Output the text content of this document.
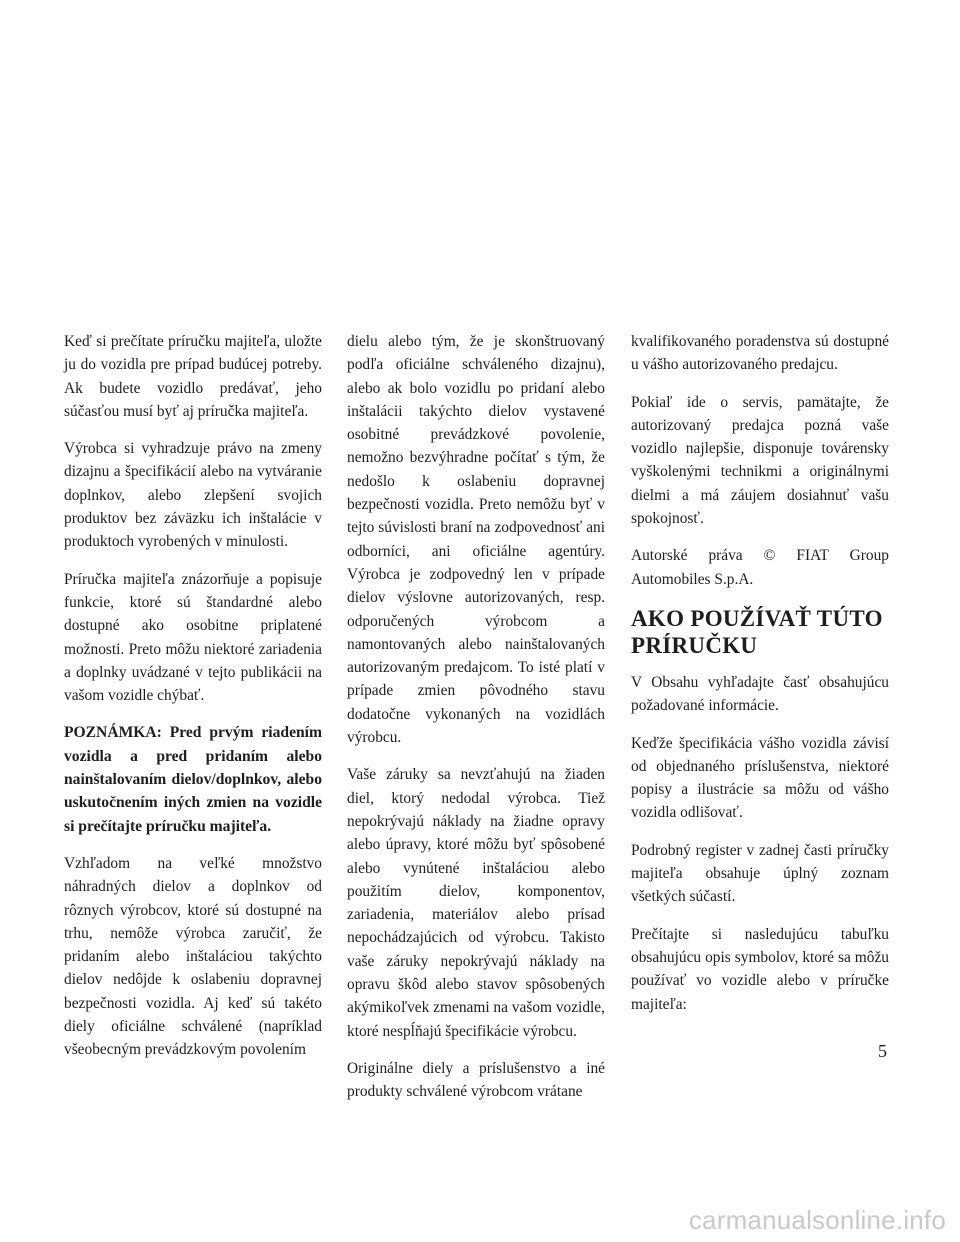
Keď si prečítate príručku majiteľa, uložte ju do vozidla pre prípad budúcej potreby. Ak budete vozidlo predávať, jeho súčasťou musí byť aj príručka majiteľa.

Výrobca si vyhradzuje právo na zmeny dizajnu a špecifikácií alebo na vytváranie doplnkov, alebo zlepšení svojich produktov bez záväzku ich inštalácie v produktoch vyrobených v minulosti.

Príručka majiteľa znázorňuje a popisuje funkcie, ktoré sú štandardné alebo dostupné ako osobitne priplatené možnosti. Preto môžu niektoré zariadenia a doplnky uvádzané v tejto publikácii na vašom vozidle chýbať.

POZNÁMKA: Pred prvým riadením vozidla a pred pridaním alebo nainštalovaním dielov/doplnkov, alebo uskutočnením iných zmien na vozidle si prečítajte príručku majiteľa.

Vzhľadom na veľké množstvo náhradných dielov a doplnkov od rôznych výrobcov, ktoré sú dostupné na trhu, nemôže výrobca zaručiť, že pridaním alebo inštaláciou takýchto dielov nedôjde k oslabeniu dopravnej bezpečnosti vozidla. Aj keď sú takéto diely oficiálne schválené (napríklad všeobecným prevádzkovým povolením

dielu alebo tým, že je skonštruovaný podľa oficiálne schváleného dizajnu), alebo ak bolo vozidlu po pridaní alebo inštalácii takýchto dielov vystavené osobitné prevádzkové povolenie, nemožno bezvýhradne počítať s tým, že nedošlo k oslabeniu dopravnej bezpečnosti vozidla. Preto nemôžu byť v tejto súvislosti braní na zodpovednosť ani odborníci, ani oficiálne agentúry. Výrobca je zodpovedný len v prípade dielov výslovne autorizovaných, resp. odporučených výrobcom a namontovaných alebo nainštalovaných autorizovaným predajcom. To isté platí v prípade zmien pôvodného stavu dodatočne vykonaných na vozidlách výrobcu.

Vaše záruky sa nevzťahujú na žiaden diel, ktorý nedodal výrobca. Tiež nepokrývajú náklady na žiadne opravy alebo úpravy, ktoré môžu byť spôsobené alebo vynútené inštaláciou alebo použitím dielov, komponentov, zariadenia, materiálov alebo prísad nepochádzajúcich od výrobcu. Takisto vaše záruky nepokrývajú náklady na opravu škôd alebo stavov spôsobených akýmikoľvek zmenami na vašom vozidle, ktoré nespĺňajú špecifikácie výrobcu.

Originálne diely a príslušenstvo a iné produkty schválené výrobcom vrátane

kvalifikovaného poradenstva sú dostupné u vášho autorizovaného predajcu.

Pokiaľ ide o servis, pamätajte, že autorizovaný predajca pozná vaše vozidlo najlepšie, disponuje továrensky vyškolenými technikmi a originálnymi dielmi a má záujem dosiahnuť vašu spokojnosť.

Autorské práva © FIAT Group Automobiles S.p.A.

AKO POUŽÍVAŤ TÚTO PRÍRUČKU

V Obsahu vyhľadajte časť obsahujúcu požadované informácie.

Keďže špecifikácia vášho vozidla závisí od objednaného príslušenstva, niektoré popisy a ilustrácie sa môžu od vášho vozidla odlišovať.

Podrobný register v zadnej časti príručky majiteľa obsahuje úplný zoznam všetkých súčastí.

Prečítajte si nasledujúcu tabuľku obsahujúcu opis symbolov, ktoré sa môžu používať vo vozidle alebo v príručke majiteľa:

5
carmanualsonline.info
